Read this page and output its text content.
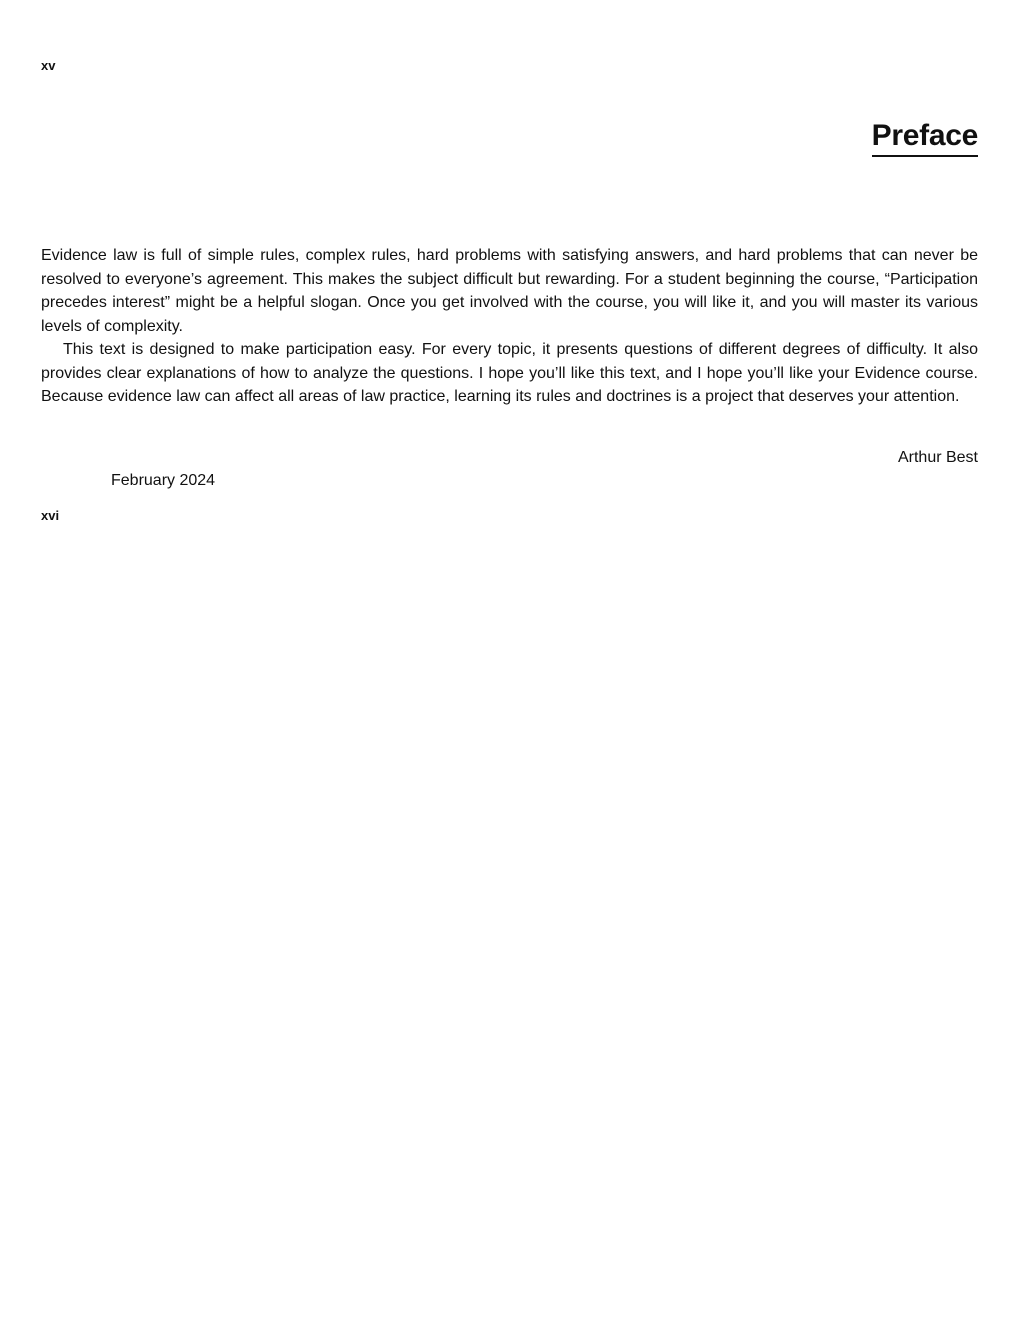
xv

Preface

Evidence law is full of simple rules, complex rules, hard problems with satisfying answers, and hard problems that can never be resolved to everyone’s agreement. This makes the subject difficult but rewarding. For a student beginning the course, “Participation precedes interest” might be a helpful slogan. Once you get involved with the course, you will like it, and you will master its various levels of complexity.

This text is designed to make participation easy. For every topic, it presents questions of different degrees of difficulty. It also provides clear explanations of how to analyze the questions. I hope you’ll like this text, and I hope you’ll like your Evidence course. Because evidence law can affect all areas of law practice, learning its rules and doctrines is a project that deserves your attention.

Arthur Best

February 2024

xvi
